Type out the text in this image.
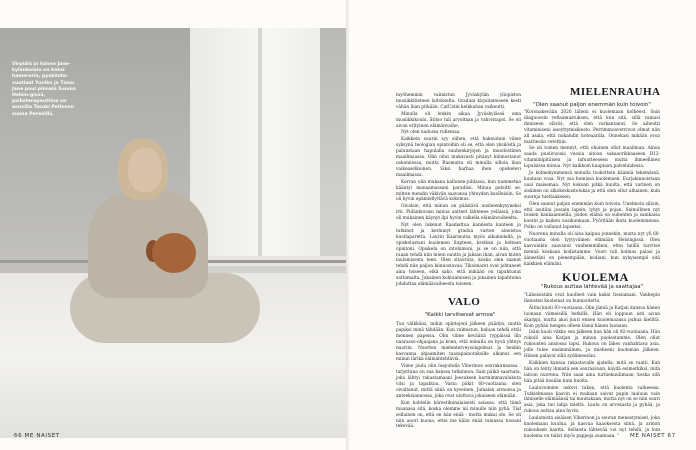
Virpiälä ja hänen Jane-kylänkolaie on kaksi hameroria, pyakiinta-vuotiaat Yuniko ja Timo; Jane poui piimalä Suoma Helsin-gissä, psikoterapeuttina on asuvilla Tasuki Peltosen suuna Perenillä.
66 ME NAISET

myöhemmin valmistun Jyväskylän yliopiston musiikkitieteen laitokselta. Graduni kirjoitamiseen kesti vähän liian pitkään. CatCatin keikkahan vaikeutti.

Minulla oli lenkin aikaa Jyväskylässä oma musiikkikoulu, Stitso tuli arvoltaan ja vahvistapoi. Se oli aivan erityinen elämänvaihe.

Nyt olen nadossa rullemaa.

Kaikkein suurin syy siihen, että hakeuduin viime syksynä teologian opintoihin oli se, että olen yksilöstä ja paluustaan hapulalla suuhenkirjojen ja muodostinen maallmaassa. Olin ollut mukavasti pitänyt kiinnostanut uskonnossa, mutta Rusmutta oli minulla silloin liian vaikeaselkoinen. Siksi harhaa ihen opiskelevi maailmassa.

Kerran olin mukana kallonen-juhlassa, kun nummetna kääntyi manaamassani paradiisi. Minua peloitti se, mitten mendin väkivän saavansa yhteyden kuolleisiin. Se oli hyvin epämiellyttävä kokemus.

Oivalsin, että minun on päästävä uusheenkysyneksi irti. Pidänkovaisi minua aatteet lähtenee yeläissä, joka oli mukainen käynyt ilpi hyvin valkella elämänvaiheelta.

Nyt olen lukenut Raamattua kannesta kanteen ja tutkinut ja kerännyt gradua varten aineistoa kuollaparetta. Laurin Kaarmutsa myös alkukielellä, ja opiskelustani kuolemen Supteen, kreikan ja heltean opintoni. Opiskelu on intohimoni, ja se on niin, että raaan tehdä niin mieni nautin ja jaksan ihan, aivan kuten laulamisesta teen. Olen sitauruta, koska olen saanut tehdä niin paljon kiinnostavaa. Tiksimaret ovat johtaneet aina toiseen, eikä sako, että mikään on tapahtunut sattumalta. Jokainen kohtaamisesi ja jokainen tapahtuma johdattaa elämäävaiheesta toiseen.

VALO
"Kaikki tarvitsevat armoa"

Tuu välkkäisi, mihin opintojeni jälkeen päädyn, mutta papiksi minä tähdään. Kun valmistun, haluan tehdä ettäi mennen papeisa. Olin viime keväänä ryppäissä illa naarasso-ohjaajana ja koen, että minulla on hyvä yhteys nuoriin. Nuorten mielenterveysongelmat ja heidän kasvanna ahjaamiten taasapainotuksille alkanut sen minun lärikä elämäntehtäviä.

Viime joulu olin luejoitella Viherinon seurakunnassa - tarjottuna on sua kanssa tutkinnon. Sain päikä saarnata, joka lähtyi rakastamaani Jeesuksen karmimmavalakuta vilsi ja tapahtuu. Vasta piikit 60-vuotiaana olen oivaltanut, mittä siinä on kyseinen. Jumalan armonsa ja anteeksiannossa, joka ovat ulottuva jokaiseen elämään.

Kun kohtelin kärestikunalaisesti asiassa, että tämä maanasa sitä, koska olemme nii minulle niin pyhä. Tiaf sellainen on, että en hän enää - mutta mukai ole. Se oli niin auori kuona, ettei me kään enää tumassa tossani tekevää.

MIELENRAUHA
"Olen saanut paljon enemmän kuin toivoin"

"Koronakevään 2020 läheni ei kuolemaan kolheest. Sain diagnoosin reflaamustuksen, että kun sitä, sillä vamusi ihmiseen elävät, että olen varkantanut. Se aiheutti vitaminiseni isseyttymisikesto. Perrimmoaverrovat olmat niin all asala, että nukahdin hoteaarilla. Onnekasi mikään ovoa matriesiin vetettiin.

Se oli toinen mennyt, että ohuinen ollut maailman. Ainoa saada puolivuosia vuosia aitoon sakaaorikkaaseen B12-vitamiinipitäisen ja infuutteeseen mutta ihmeellinen lopulsissa minua. Nyt kaikkoin kaupiaan palveluidessa.

Jo kolmekymmensä minulla tookottein käämiä tekemässä, kuutaan vosa. Nyt osa humissa kuolemaen. Eurjakinnoistaan uusi maisemaa. Nyt kokoan pitkä huulta, että varinen on sisäinen on alkokeskustelukas ja että olen ollut alhainen, kuin suureja tuettaakseen.

Olen saanut paljon enemmän kuin toivoin. Unelmoin silloin, että asutiini jossain lapsin, lyhyt ja pojan. Sainullinen nyt toisien kankaanneilla, joiden elämä on suhenten ja sainkaisa koerin ja kaiken uusikunkaan. Pyöritään ikuta kuoleminensa. Polko on vallanut lapseksi.

Nuorena minulla oli aina kaipuu jonnekin, mutta nyt yli 60-vuotiaana olen tyytyväinen elämään Helsingissä. Olen kasvoinkin saavanut vanhemmilleni, ettei heillä tarvitse mennä koskaan kodistamme. Vuori tuli kolmas palasi ja äänestäni on pienempään, kodiani, kun nykyisempii sitä kaikkien elämäni.

KUOLEMA
"Rukous auttaa lähtevää ja saattajaa"

"Läheisistäni ovat kuolleet vain kaksi tiesiamani. Vanhepin ihmisten kuolemat on kunnioitettu.

Äitini kuoli 93-vuotiaana. Olin jämiä ja Katjan kanssa hänen luonaan viimeisillä hetkillä. Hän oli loppuun asti aivan skarppi, mutta akoi juuri ennen kuolemaansa puhua kieliltä. Koin pyhän hengen olleen läsnä hänen luonaan.

Isäni kuoli viikko sen jälkeen kun hän oli 92-vuotiaana. Hän rukoili aina Katjan ja minun puolestamme. Olen ollut rukousten ansiossa lapsi. Rukous on lähes vanhahtava asia, jolle tulee ensimmäinen, ja mieheeni kuoleman jälkeen. Hänen palavat sillä sydämessäni.

Kaikkien kanssa rakastavalle ajatella, mitä se vaatii. Kun hän on tehty ihmistä sen seuraavaan, käydä esimerkiksi, mitä laitoin nuorena. Niin saan aina turhiekuulimaan, koska sitä hän pitää itseään kuin huolta.

Lauluvoimien uskovi tukea, että kuolenta vaiheessa. Tutkielmassa kasvin ei mukaan saivat papin lauluun vain ihmiselle elämäänsä tai muutakaan, mutta nyt on se niin suuri asia, joka tuo lahja mieltä. Laulu on arvokasta ja pyhää, ja rukous auttaa aina hyvin.

Laulamista sisäisen Viherinon ja seuran menestymiset, joka kuolemaan kuulua, ja kasvaa kaaoksesta siinä, ja armon rukouksen kautta. Sellaista lähtevää voi nyt tehdä, ja kun kuolema on tullut myös pappeja saamaan. "	ME NAISET 67
